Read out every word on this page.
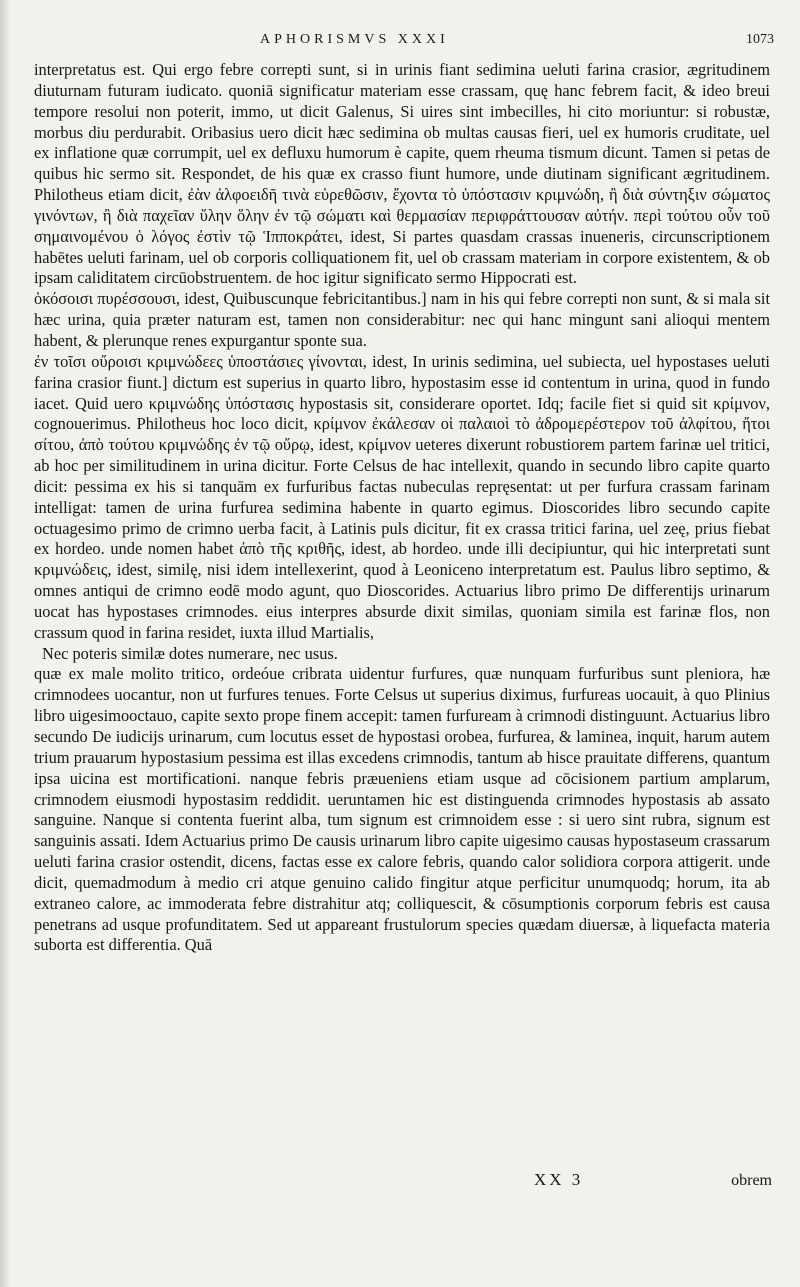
APHORISMVS XXXI	1073

interpretatus est. Qui ergo febre correpti sunt, si in urinis fiant sedimina ueluti farina crasior, ægritudinem diuturnam futuram iudicato. quoniā significatur materiam esse crassam, quę hanc febrem facit, & ideo breui tempore resolui non poterit, immo, ut dicit Galenus, Si uires sint imbecilles, hi cito moriuntur: si robustæ, morbus diu perdurabit. Oribasius uero dicit hæc sedimina ob multas causas fieri, uel ex humoris cruditate, uel ex inflatione quæ corrumpit, uel ex defluxu humorum è capite, quem rheuma tismum dicunt. Tamen si petas de quibus hic sermo sit. Respondet, de his quæ ex crasso fiunt humore, unde diutinam significant ægritudinem. Philotheus etiam dicit, ἐὰν ἀλφοειδῆ τινὰ εὑρεθῶσιν, ἔχοντα τὸ ὑπόστασιν κριμνώδη, ἢ διὰ σύντηξιν σώματος γινόντων, ἢ διὰ παχεῖαν ὕλην ὅλην ἐν τῷ σώματι καὶ θερμασίαν περιφράττουσαν αὐτήν. περὶ τούτου οὖν τοῦ σημαινομένου ὁ λόγος ἐστὶν τῷ Ἱπποκράτει, idest, Si partes quasdam crassas inueneris, circunscriptionem habētes ueluti farinam, uel ob corporis colliquationem fit, uel ob crassam materiam in corpore existentem, & ob ipsam caliditatem circūobstruentem. de hoc igitur significato sermo Hippocrati est.

ὁκόσοισι πυρέσσουσι, idest, Quibuscunque febricitantibus.] nam in his qui febre correpti non sunt, & si mala sit hæc urina, quia præter naturam est, tamen non considerabitur: nec qui hanc mingunt sani alioqui mentem habent, & plerunque renes expurgantur sponte sua.

ἐν τοῖσι οὔροισι κριμνώδεες ὑποστάσιες γίνονται, idest, In urinis sedimina, uel subiecta, uel hypostases ueluti farina crasior fiunt.] dictum est superius in quarto libro, hypostasim esse id contentum in urina, quod in fundo iacet. Quid uero κριμνώδης ὑπόστασις hypostasis sit, considerare oportet. Idq; facile fiet si quid sit κρίμνον, cognouerimus. Philotheus hoc loco dicit, κρίμνον ἐκάλεσαν οἱ παλαιοὶ τὸ ἀδρομερέστερον τοῦ ἀλφίτου, ἤτοι σίτου, ἀπὸ τούτου κριμνώδης ἐν τῷ οὔρῳ, idest, κρίμνον ueteres dixerunt robustiorem partem farinæ uel tritici, ab hoc per similitudinem in urina dicitur. Forte Celsus de hac intellexit, quando in secundo libro capite quarto dicit: pessima ex his si tanquām ex furfuribus factas nubeculas repręsentat: ut per furfura crassam farinam intelligat: tamen de urina furfurea sedimina habente in quarto egimus. Dioscorides libro secundo capite octuagesimo primo de crimno uerba facit, à Latinis puls dicitur, fit ex crassa tritici farina, uel zeę, prius fiebat ex hordeo. unde nomen habet ἀπὸ τῆς κριθῆς, idest, ab hordeo. unde illi decipiuntur, qui hic interpretati sunt κριμνώδεις, idest, similę, nisi idem intellexerint, quod à Leoniceno interpretatum est. Paulus libro septimo, & omnes antiqui de crimno eodē modo agunt, quo Dioscorides. Actuarius libro primo De differentijs urinarum uocat has hypostases crimnodes. eius interpres absurde dixit similas, quoniam simila est farinæ flos, non crassum quod in farina residet, iuxta illud Martialis,

Nec poteris similæ dotes numerare, nec usus.

quæ ex male molito tritico, ordeóue cribrata uidentur furfures, quæ nunquam furfuribus sunt pleniora, hæ crimnodees uocantur, non ut furfures tenues. Forte Celsus ut superius diximus, furfureas uocauit, à quo Plinius libro uigesimooctauo, capite sexto prope finem accepit: tamen furfuream à crimnodi distinguunt. Actuarius libro secundo De iudicijs urinarum, cum locutus esset de hypostasi orobea, furfurea, & laminea, inquit, harum autem trium prauarum hypostasium pessima est illas excedens crimnodis, tantum ab hisce prauitate differens, quantum ipsa uicina est mortificationi. nanque febris præueniens etiam usque ad cōcisionem partium amplarum, crimnodem eiusmodi hypostasim reddidit. ueruntamen hic est distinguenda crimnodes hypostasis ab assato sanguine. Nanque si contenta fuerint alba, tum signum est crimnoidem esse : si uero sint rubra, signum est sanguinis assati. Idem Actuarius primo De causis urinarum libro capite uigesimo causas hypostaseum crassarum ueluti farina crasior ostendit, dicens, factas esse ex calore febris, quando calor solidiora corpora attigerit. unde dicit, quemadmodum à medio cri atque genuino calido fingitur atque perficitur unumquodq; horum, ita ab extraneo calore, ac immoderata febre distrahitur atq; colliquescit, & cōsumptionis corporum febris est causa penetrans ad usque profunditatem. Sed ut appareant frustulorum species quædam diuersæ, à liquefacta materia suborta est differentia. Quā

XX 3	obrem
